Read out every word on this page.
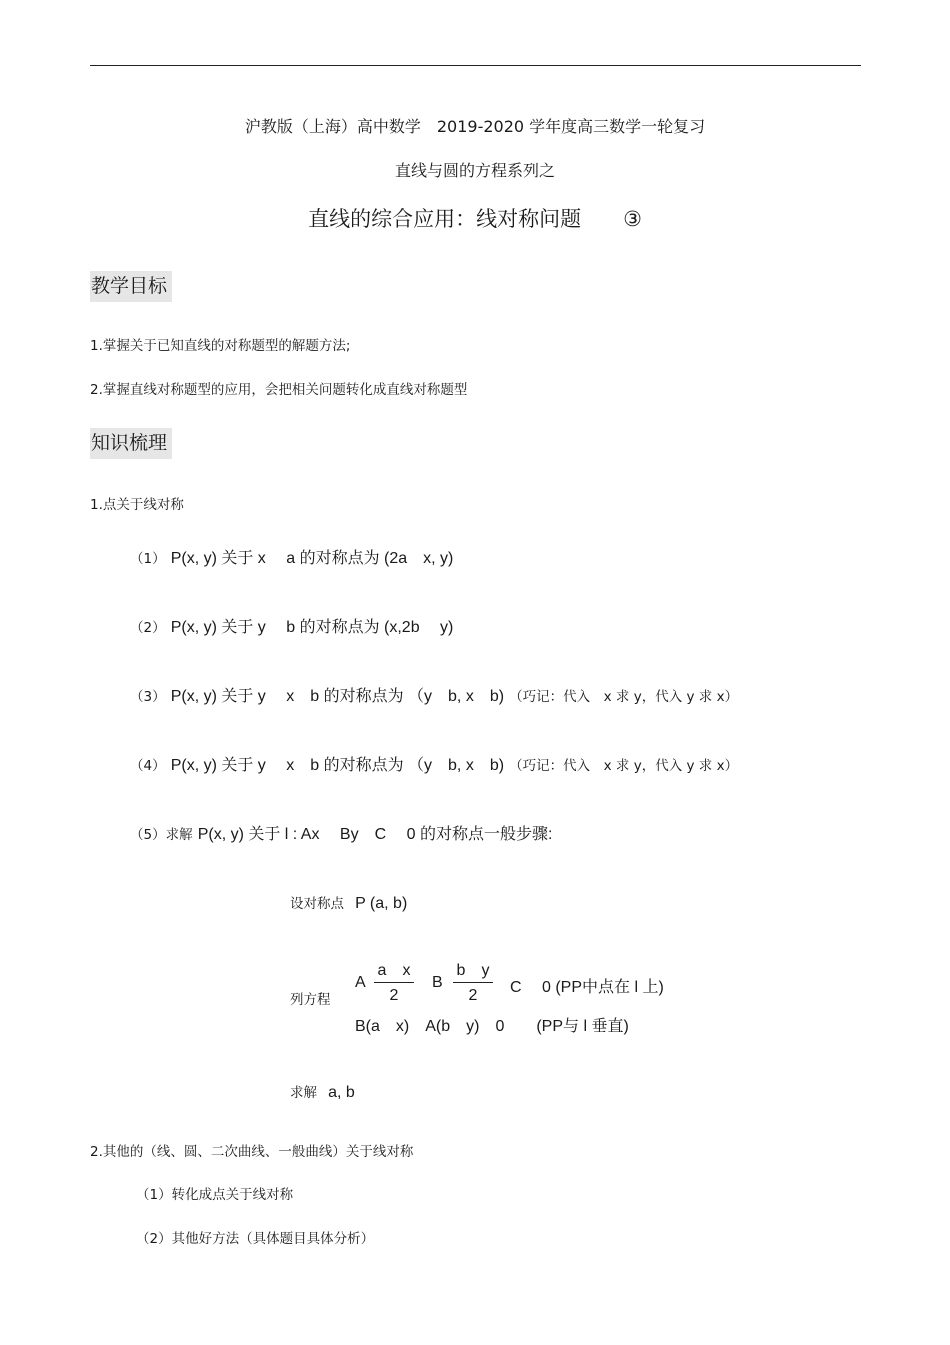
沪教版（上海）高中数学　2019-2020 学年度高三数学一轮复习
直线与圆的方程系列之
直线的综合应用：线对称问题　　③
教学目标
1.掌握关于已知直线的对称题型的解题方法;
2.掌握直线对称题型的应用，会把相关问题转化成直线对称题型
知识梳理
1.点关于线对称
（1） P(x, y) 关于 x　 a 的对称点为 (2a　x, y)
（2） P(x, y) 关于 y　 b 的对称点为 (x,2b　 y)
（3） P(x, y) 关于 y　 x　b 的对称点为 （y　b, x　b) （巧记：代入　x 求 y，代入 y 求 x）
（4） P(x, y) 关于 y　 x　b 的对称点为 （y　b, x　b) （巧记：代入　x 求 y，代入 y 求 x）
（5）求解 P(x, y) 关于 l : Ax　 By　C　 0 的对称点一般步骤:
设对称点 P (a, b)
列方程
A
a　x
2
B
b　y
2	C　 0 (PP中点在 l 上)
B(a　x)　A(b　y)　0　　(PP与 l 垂直)
求解 a, b
2.其他的（线、圆、二次曲线、一般曲线）关于线对称
（1）转化成点关于线对称
（2）其他好方法（具体题目具体分析）
